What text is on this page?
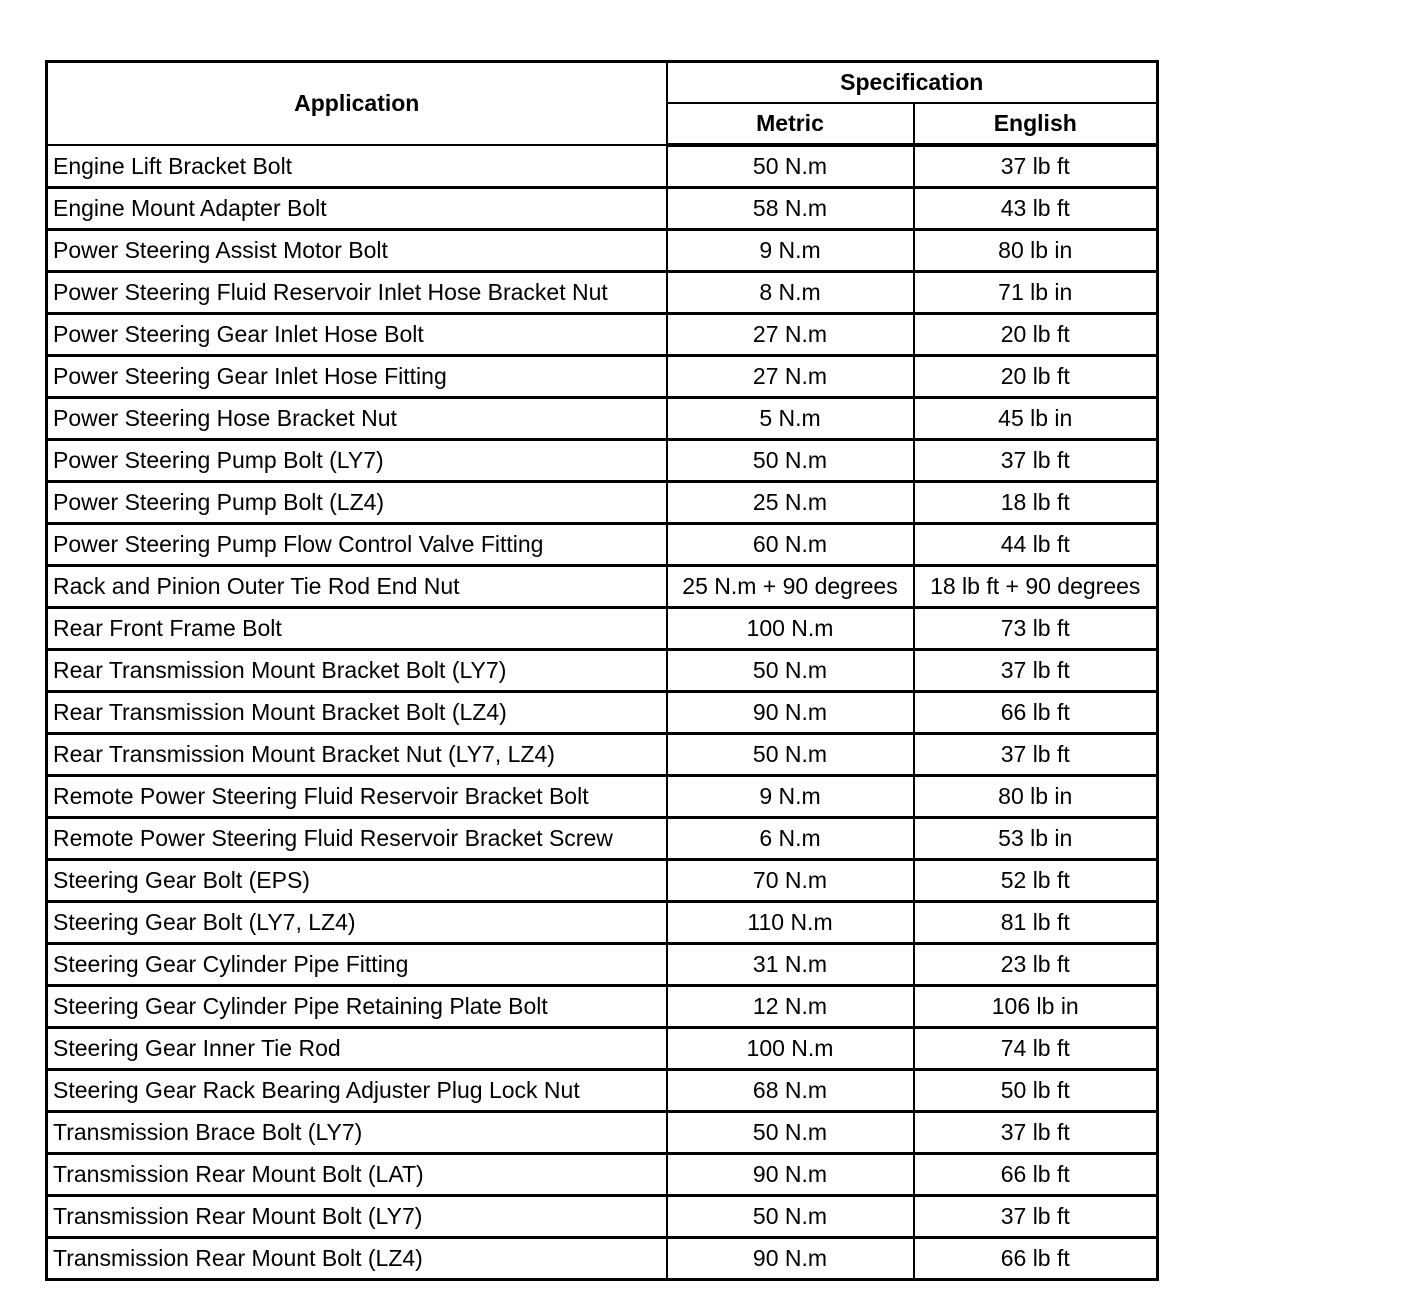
Application	Specification	
	Metric	English
Engine Lift Bracket Bolt	50 N.m	37 lb ft
Engine Mount Adapter Bolt	58 N.m	43 lb ft
Power Steering Assist Motor Bolt	9 N.m	80 lb in
Power Steering Fluid Reservoir Inlet Hose Bracket Nut	8 N.m	71 lb in
Power Steering Gear Inlet Hose Bolt	27 N.m	20 lb ft
Power Steering Gear Inlet Hose Fitting	27 N.m	20 lb ft
Power Steering Hose Bracket Nut	5 N.m	45 lb in
Power Steering Pump Bolt (LY7)	50 N.m	37 lb ft
Power Steering Pump Bolt (LZ4)	25 N.m	18 lb ft
Power Steering Pump Flow Control Valve Fitting	60 N.m	44 lb ft
Rack and Pinion Outer Tie Rod End Nut	25 N.m + 90 degrees	18 lb ft + 90 degrees
Rear Front Frame Bolt	100 N.m	73 lb ft
Rear Transmission Mount Bracket Bolt (LY7)	50 N.m	37 lb ft
Rear Transmission Mount Bracket Bolt (LZ4)	90 N.m	66 lb ft
Rear Transmission Mount Bracket Nut (LY7, LZ4)	50 N.m	37 lb ft
Remote Power Steering Fluid Reservoir Bracket Bolt	9 N.m	80 lb in
Remote Power Steering Fluid Reservoir Bracket Screw	6 N.m	53 lb in
Steering Gear Bolt (EPS)	70 N.m	52 lb ft
Steering Gear Bolt (LY7, LZ4)	110 N.m	81 lb ft
Steering Gear Cylinder Pipe Fitting	31 N.m	23 lb ft
Steering Gear Cylinder Pipe Retaining Plate Bolt	12 N.m	106 lb in
Steering Gear Inner Tie Rod	100 N.m	74 lb ft
Steering Gear Rack Bearing Adjuster Plug Lock Nut	68 N.m	50 lb ft
Transmission Brace Bolt (LY7)	50 N.m	37 lb ft
Transmission Rear Mount Bolt (LAT)	90 N.m	66 lb ft
Transmission Rear Mount Bolt (LY7)	50 N.m	37 lb ft
Transmission Rear Mount Bolt (LZ4)	90 N.m	66 lb ft
